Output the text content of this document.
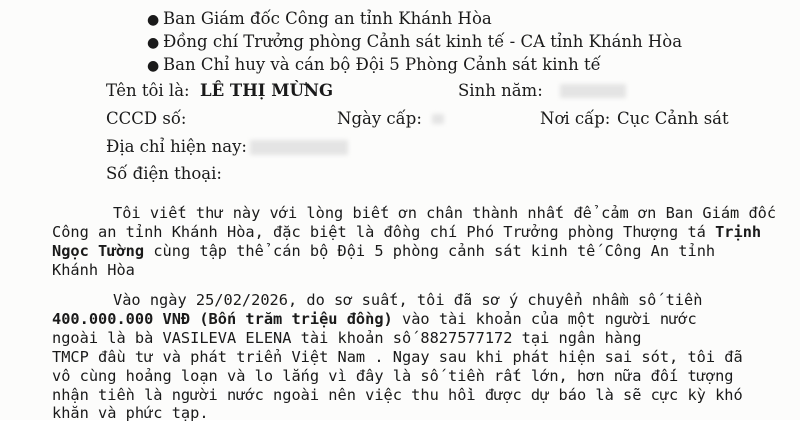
● Ban Giám đốc Công an tỉnh Khánh Hòa
● Đồng chí Trưởng phòng Cảnh sát kinh tế - CA tỉnh Khánh Hòa
● Ban Chỉ huy và cán bộ Đội 5 Phòng Cảnh sát kinh tế
Tên tôi là: LÊ THỊ MỪNG	Sinh năm:
CCCD số:	Ngày cấp:	Nơi cấp: Cục Cảnh sát
Địa chỉ hiện nay:
Số điện thoại:
Tôi viết thư này với lòng biết ơn chân thành nhất để cảm ơn Ban Giám đốc
Công an tỉnh Khánh Hòa, đặc biệt là đồng chí Phó Trưởng phòng Thượng tá Trịnh
Ngọc Tường cùng tập thể cán bộ Đội 5 phòng cảnh sát kinh tế Công An tỉnh
Khánh Hòa
Vào ngày 25/02/2026, do sơ suất, tôi đã sơ ý chuyển nhầm số tiền
400.000.000 VNĐ (Bốn trăm triệu đồng) vào tài khoản của một người nước
ngoài là bà VASILEVA ELENA tài khoản số 8827577172 tại ngân hàng
TMCP đầu tư và phát triển Việt Nam . Ngay sau khi phát hiện sai sót, tôi đã
vô cùng hoảng loạn và lo lắng vì đây là số tiền rất lớn, hơn nữa đối tượng
nhận tiền là người nước ngoài nên việc thu hồi được dự báo là sẽ cực kỳ khó
khăn và phức tạp.
